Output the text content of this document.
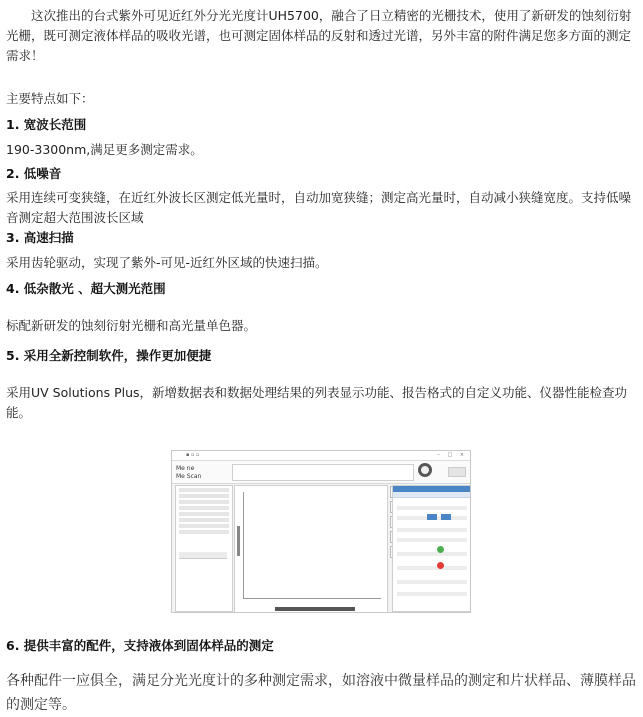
　　这次推出的台式紫外可见近红外分光光度计UH5700，融合了日立精密的光栅技术，使用了新研发的蚀刻衍射光栅，既可测定液体样品的吸收光谱，也可测定固体样品的反射和透过光谱，另外丰富的附件满足您多方面的测定需求！
主要特点如下：
1. 宽波长范围
190-3300nm,满足更多测定需求。
2. 低噪音
采用连续可变狭缝，在近红外波长区测定低光量时，自动加宽狭缝；测定高光量时，自动减小狭缝宽度。支持低噪音测定超大范围波长区域
3. 高速扫描
采用齿轮驱动，实现了紫外-可见-近红外区域的快速扫描。
4. 低杂散光 、超大测光范围
标配新研发的蚀刻衍射光栅和高光量单色器。
5. 采用全新控制软件，操作更加便捷
采用UV Solutions Plus，新增数据表和数据处理结果的列表显示功能、报告格式的自定义功能、仪器性能检查功能。
▪ ▫ ▫	– □ ×
Me ne
Me Scan
6. 提供丰富的配件，支持液体到固体样品的测定
各种配件一应俱全，满足分光光度计的多种测定需求，如溶液中微量样品的测定和片状样品、薄膜样品的测定等。
